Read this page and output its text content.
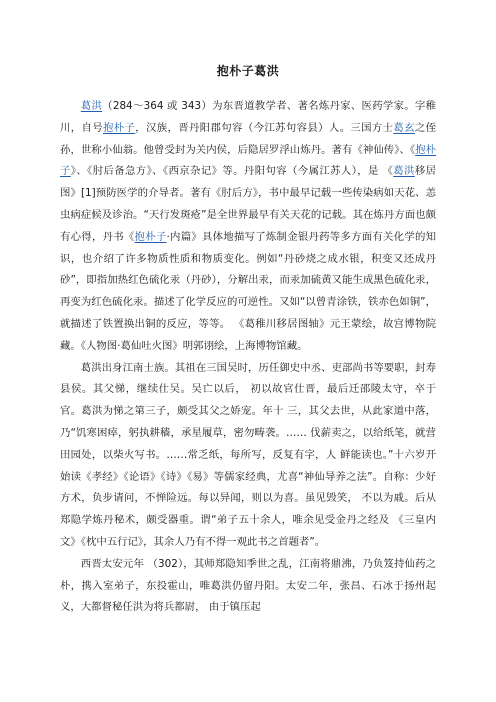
抱朴子葛洪

葛洪（284～364 或 343）为东晋道教学者、著名炼丹家、医药学家。字稚川，自号抱朴子，汉族，晋丹阳郡句容（今江苏句容县）人。三国方士葛玄之侄孙，世称小仙翁。他曾受封为关内侯，后隐居罗浮山炼丹。著有《神仙传》、《抱朴子》、《肘后备急方》、《西京杂记》等。丹阳句容（今属江苏人），是 《葛洪移居图》[1]预防医学的介导者。著有《肘后方》，书中最早记载一些传染病如天花、恙虫病症候及诊治。“天行发斑疮”是全世界最早有关天花的记载。其在炼丹方面也颇有心得，丹书《抱朴子·内篇》具体地描写了炼制金银丹药等多方面有关化学的知识，也介绍了许多物质性质和物质变化。例如“丹砂烧之成水银，积变又还成丹砂”，即指加热红色硫化汞（丹砂），分解出汞，而汞加硫黄又能生成黑色硫化汞，再变为红色硫化汞。描述了化学反应的可逆性。又如“以曾青涂铁，铁赤色如铜”，就描述了铁置换出铜的反应，等等。 《葛稚川移居图轴》元王蒙绘，故宫博物院藏。《人物图·葛仙吐火图》明郭诩绘，上海博物馆藏。

葛洪出身江南士族。其祖在三国吴时，历任御史中丞、吏部尚书等要职，封寿县侯。其父悌，继续仕吴。吴亡以后， 初以故官仕晋，最后迁邵陵太守，卒于官。葛洪为悌之第三子，颇受其父之娇宠。年十 三，其父去世，从此家道中落，乃“饥寒困瘁，躬执耕穑，承星履草，密勿畴袭。…… 伐薪卖之，以给纸笔，就营田园处，以柴火写书。……常乏纸，每所写，反复有字，人 鲜能读也。”十六岁开始读《孝经》《论语》《诗》《易》等儒家经典，尤喜“神仙导养之法”。自称：少好方术，负步请问，不惮险远。每以异闻，则以为喜。虽见毁笑， 不以为戚。后从郑隐学炼丹秘术，颇受器重。谓“弟子五十余人，唯余见受金丹之经及 《三皇内文》《枕中五行记》，其余人乃有不得一观此书之首题者”。

西晋太安元年 （302），其师郑隐知季世之乱，江南将鼎沸，乃负笈持仙药之朴，携入室弟子，东投霍山，唯葛洪仍留丹阳。太安二年，张昌、石冰于扬州起义，大都督秘任洪为将兵都尉， 由于镇压起
